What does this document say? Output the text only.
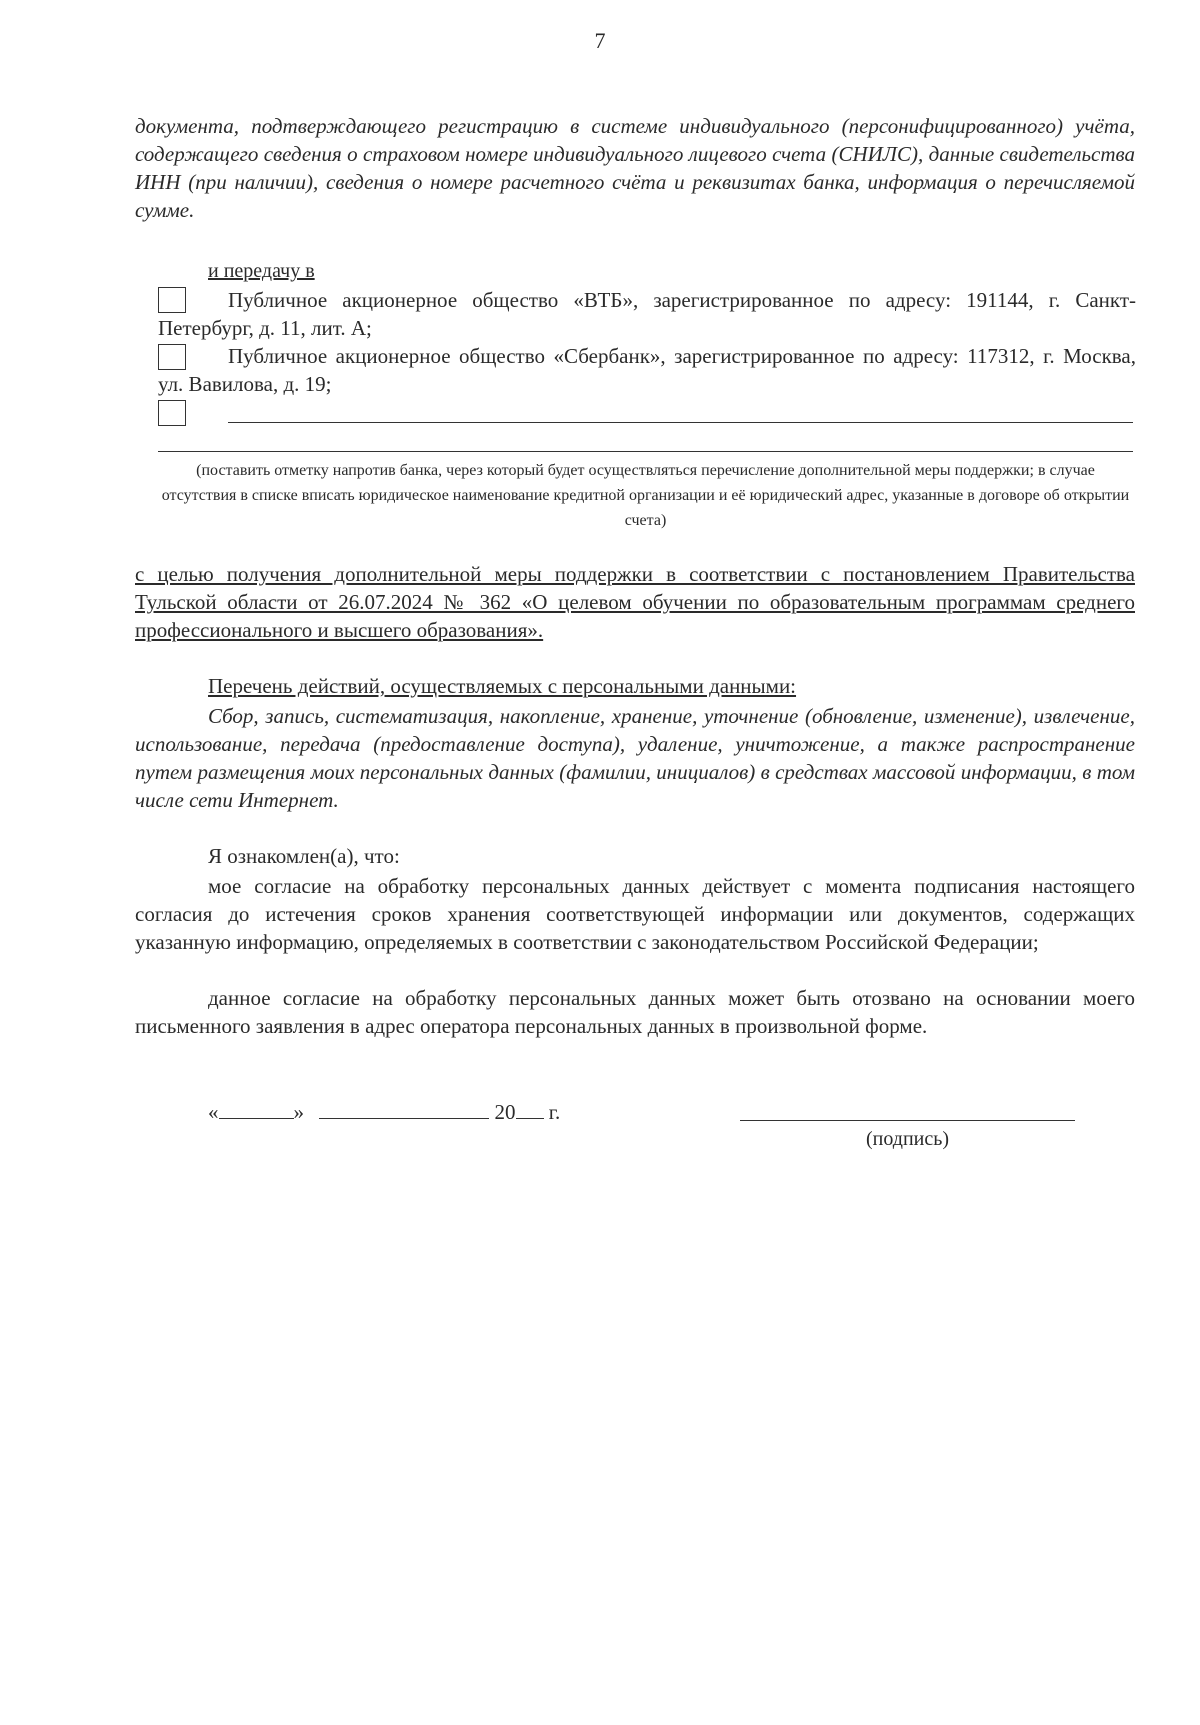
7

документа, подтверждающего регистрацию в системе индивидуального (персонифицированного) учёта, содержащего сведения о страховом номере индивидуального лицевого счета (СНИЛС), данные свидетельства ИНН (при наличии), сведения о номере расчетного счёта и реквизитах банка, информация о перечисляемой сумме.

и передачу в

Публичное акционерное общество «ВТБ», зарегистрированное по адресу: 191144, г. Санкт-Петербург, д. 11, лит. А;

Публичное акционерное общество «Сбербанк», зарегистрированное по адресу: 117312, г. Москва, ул. Вавилова, д. 19;

(поставить отметку напротив банка, через который будет осуществляться перечисление дополнительной меры поддержки; в случае отсутствия в списке вписать юридическое наименование кредитной организации и её юридический адрес, указанные в договоре об открытии счета)

с целью получения дополнительной меры поддержки в соответствии с постановлением Правительства Тульской области от 26.07.2024 № 362 «О целевом обучении по образовательным программам среднего профессионального и высшего образования».

Перечень действий, осуществляемых с персональными данными:

Сбор, запись, систематизация, накопление, хранение, уточнение (обновление, изменение), извлечение, использование, передача (предоставление доступа), удаление, уничтожение, а также распространение путем размещения моих персональных данных (фамилии, инициалов) в средствах массовой информации, в том числе сети Интернет.

Я ознакомлен(а), что:

мое согласие на обработку персональных данных действует с момента подписания настоящего согласия до истечения сроков хранения соответствующей информации или документов, содержащих указанную информацию, определяемых в соответствии с законодательством Российской Федерации;

данное согласие на обработку персональных данных может быть отозвано на основании моего письменного заявления в адрес оператора персональных данных в произвольной форме.

«	»	20 г.
(подпись)
